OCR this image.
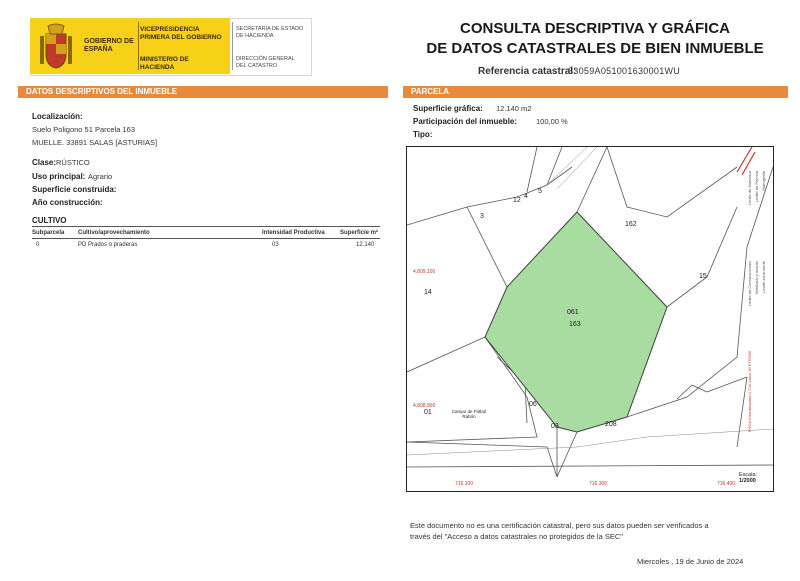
GOBIERNO DE ESPAÑA
VICEPRESIDENCIA PRIMERA DEL GOBIERNO
MINISTERIO DE HACIENDA
SECRETARÍA DE ESTADO DE HACIENDA
DIRECCIÓN GENERAL DEL CATASTRO
CONSULTA DESCRIPTIVA Y GRÁFICA
DE DATOS CATASTRALES DE BIEN INMUEBLE
Referencia catastral:
33059A051001630001WU
DATOS DESCRIPTIVOS DEL INMUEBLE	PARCELA
Localización:
Suelo Poligono 51 Parcela 163
MUELLE. 33891 SALAS [ASTURIAS]
Clase: RÚSTICO
Uso principal: Agrario
Superficie construida:
Año construcción:
CULTIVO
Subparcela Cultivo/aprovechamiento	Intensidad Productiva	Superficie m²
0	PD Prados o praderas	03	12.140
Superficie gráfica: 12.140 m2
Participación del inmueble:	100,00 %
Tipo:
162
15
14
3
12
4
5
061
163
208
01
03
06
4.809.100
4.808.900
716.100	716.300	716.400
Campo de Fútbol Rabón
Límite de Manzana Límite de Parcela
Límite de Construcciones Mobiliario y aceras Límite zona verde
Hidrografía
PNOA Coordenadas U.T.M. Huso 30 ETRS89
Escala:
1/2000
Este documento no es una certificación catastral, pero sus datos pueden ser verificados a
través del "Acceso a datos catastrales no protegidos de la SEC"
Miercoles , 19 de Junio de 2024
